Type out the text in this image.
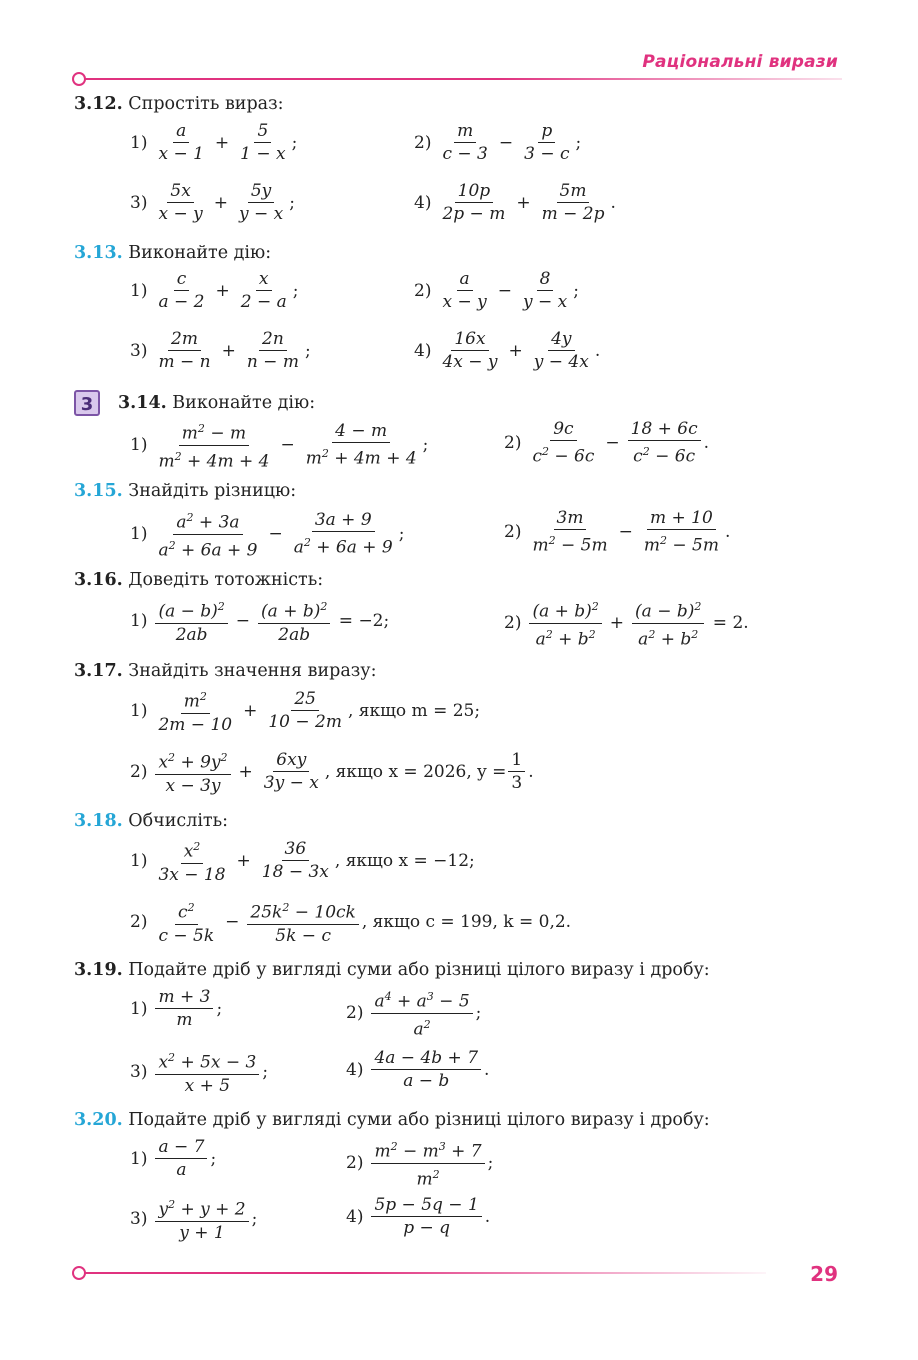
Раціональні вирази
3.12. Спростіть вираз:
$1) \frac{a}{x - 1} + \frac{5}{1 - x}$ ;	$2) \frac{m}{c - 3} - \frac{p}{3 - c}$ ;
$3) \frac{5x}{x - y} + \frac{5y}{y - x}$ ;	$4) \frac{10p}{2p - m} + \frac{5m}{m - 2p}$ .
3.13. Виконайте дію:
$1) \frac{c}{a - 2} + \frac{x}{2 - a}$ ;	$2) \frac{a}{x - y} - \frac{8}{y - x}$ ;
$3) \frac{2m}{m - n} + \frac{2n}{n - m}$ ;	$4) \frac{16x}{4x - y} + \frac{4y}{y - 4x}$ .
3	3.14. Виконайте дію:
$1) \frac{m^2 - m}{m^2 + 4m + 4} - \frac{4 - m}{m^2 + 4m + 4}$ ;	$2) \frac{9c}{c^2 - 6c} - \frac{18 + 6c}{c^2 - 6c}$ .
3.15. Знайдіть різницю:
$1) \frac{a^2 + 3a}{a^2 + 6a + 9} - \frac{3a + 9}{a^2 + 6a + 9}$ ;	$2) \frac{3m}{m^2 - 5m} - \frac{m + 10}{m^2 - 5m}$ .
3.16. Доведіть тотожність:
$1) \frac{(a - b)^2}{2ab} - \frac{(a + b)^2}{2ab} = -2$;	$2) \frac{(a + b)^2}{a^2 + b^2} + \frac{(a - b)^2}{a^2 + b^2} = 2$.
3.17. Знайдіть значення виразу:
$1) \frac{m^2}{2m - 10} + \frac{25}{10 - 2m}$ , якщо m = 25;
$2) \frac{x^2 + 9y^2}{x - 3y} + \frac{6xy}{3y - x}$ , якщо x = 2026, $y = \frac{1}{3}$ .
3.18. Обчисліть:
$1) \frac{x^2}{3x - 18} + \frac{36}{18 - 3x}$ , якщо x = −12;
$2) \frac{c^2}{c - 5k} - \frac{25k^2 - 10ck}{5k - c}$ , якщо c = 199, k = 0,2.
3.19. Подайте дріб у вигляді суми або різниці цілого виразу і дробу:
$1) \frac{m + 3}{m}$ ;	$2) \frac{a^4 + a^3 - 5}{a^2}$ ;
$3) \frac{x^2 + 5x - 3}{x + 5}$ ;	$4) \frac{4a - 4b + 7}{a - b}$ .
3.20. Подайте дріб у вигляді суми або різниці цілого виразу і дробу:
$1) \frac{a - 7}{a}$ ;	$2) \frac{m^2 - m^3 + 7}{m^2}$ ;
$3) \frac{y^2 + y + 2}{y + 1}$ ;	$4) \frac{5p - 5q - 1}{p - q}$ .
29
